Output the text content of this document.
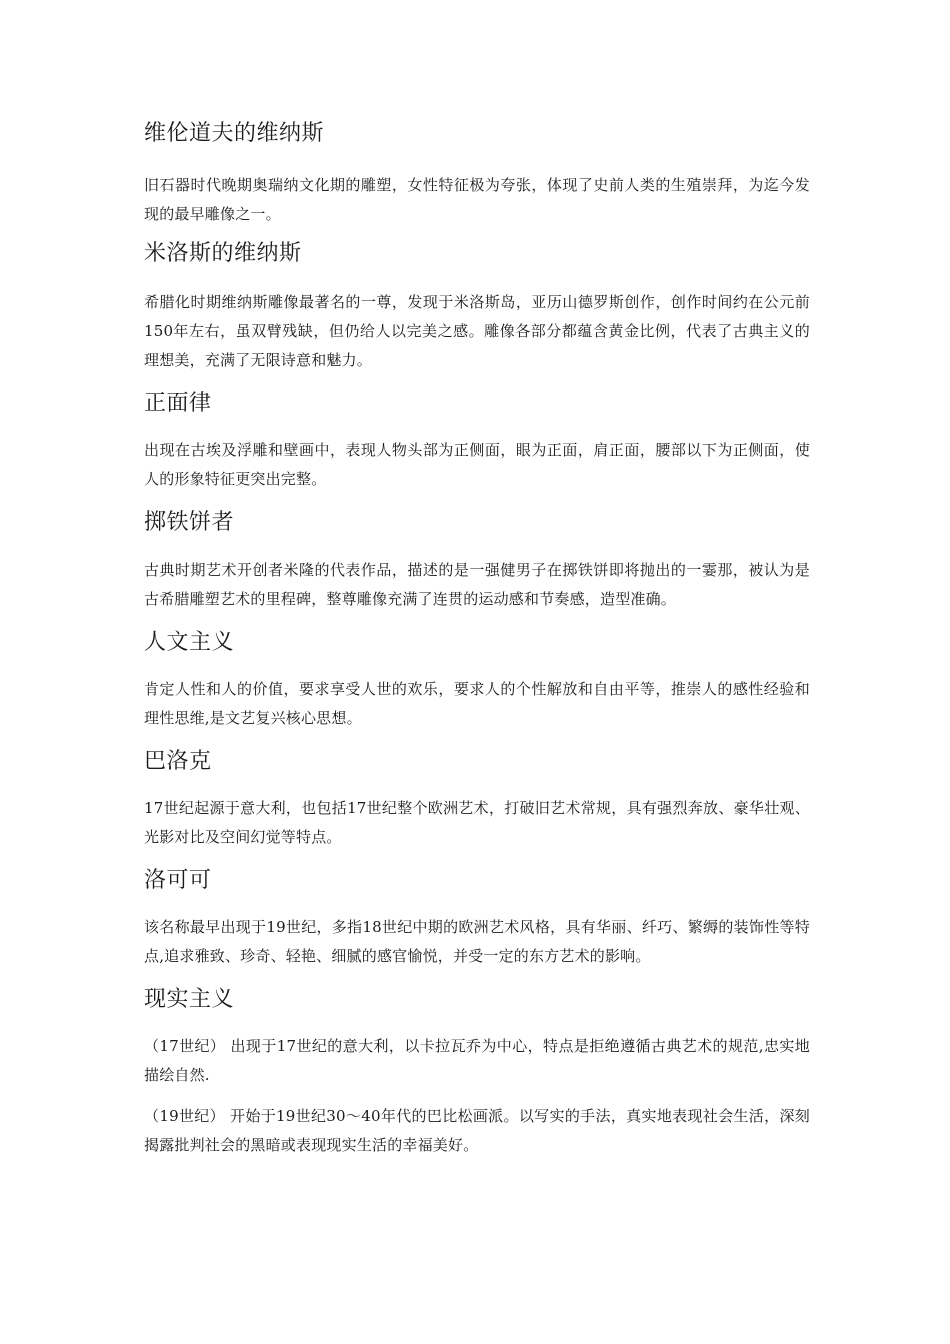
维伦道夫的维纳斯

旧石器时代晚期奥瑞纳文化期的雕塑，女性特征极为夸张，体现了史前人类的生殖崇拜，为迄今发现的最早雕像之一。

米洛斯的维纳斯

希腊化时期维纳斯雕像最著名的一尊，发现于米洛斯岛，亚历山德罗斯创作，创作时间约在公元前150年左右，虽双臂残缺，但仍给人以完美之感。雕像各部分都蕴含黄金比例，代表了古典主义的理想美，充满了无限诗意和魅力。

正面律

出现在古埃及浮雕和壁画中，表现人物头部为正侧面，眼为正面，肩正面，腰部以下为正侧面，使人的形象特征更突出完整。

掷铁饼者

古典时期艺术开创者米隆的代表作品，描述的是一强健男子在掷铁饼即将抛出的一霎那，被认为是古希腊雕塑艺术的里程碑，整尊雕像充满了连贯的运动感和节奏感，造型准确。

人文主义

肯定人性和人的价值，要求享受人世的欢乐，要求人的个性解放和自由平等，推崇人的感性经验和理性思维,是文艺复兴核心思想。

巴洛克

17世纪起源于意大利，也包括17世纪整个欧洲艺术，打破旧艺术常规，具有强烈奔放、豪华壮观、光影对比及空间幻觉等特点。

洛可可

该名称最早出现于19世纪，多指18世纪中期的欧洲艺术风格，具有华丽、纤巧、繁缛的装饰性等特点,追求雅致、珍奇、轻艳、细腻的感官愉悦，并受一定的东方艺术的影响。

现实主义

（17世纪） 出现于17世纪的意大利，以卡拉瓦乔为中心，特点是拒绝遵循古典艺术的规范,忠实地描绘自然.

（19世纪） 开始于19世纪30～40年代的巴比松画派。以写实的手法，真实地表现社会生活，深刻揭露批判社会的黑暗或表现现实生活的幸福美好。
